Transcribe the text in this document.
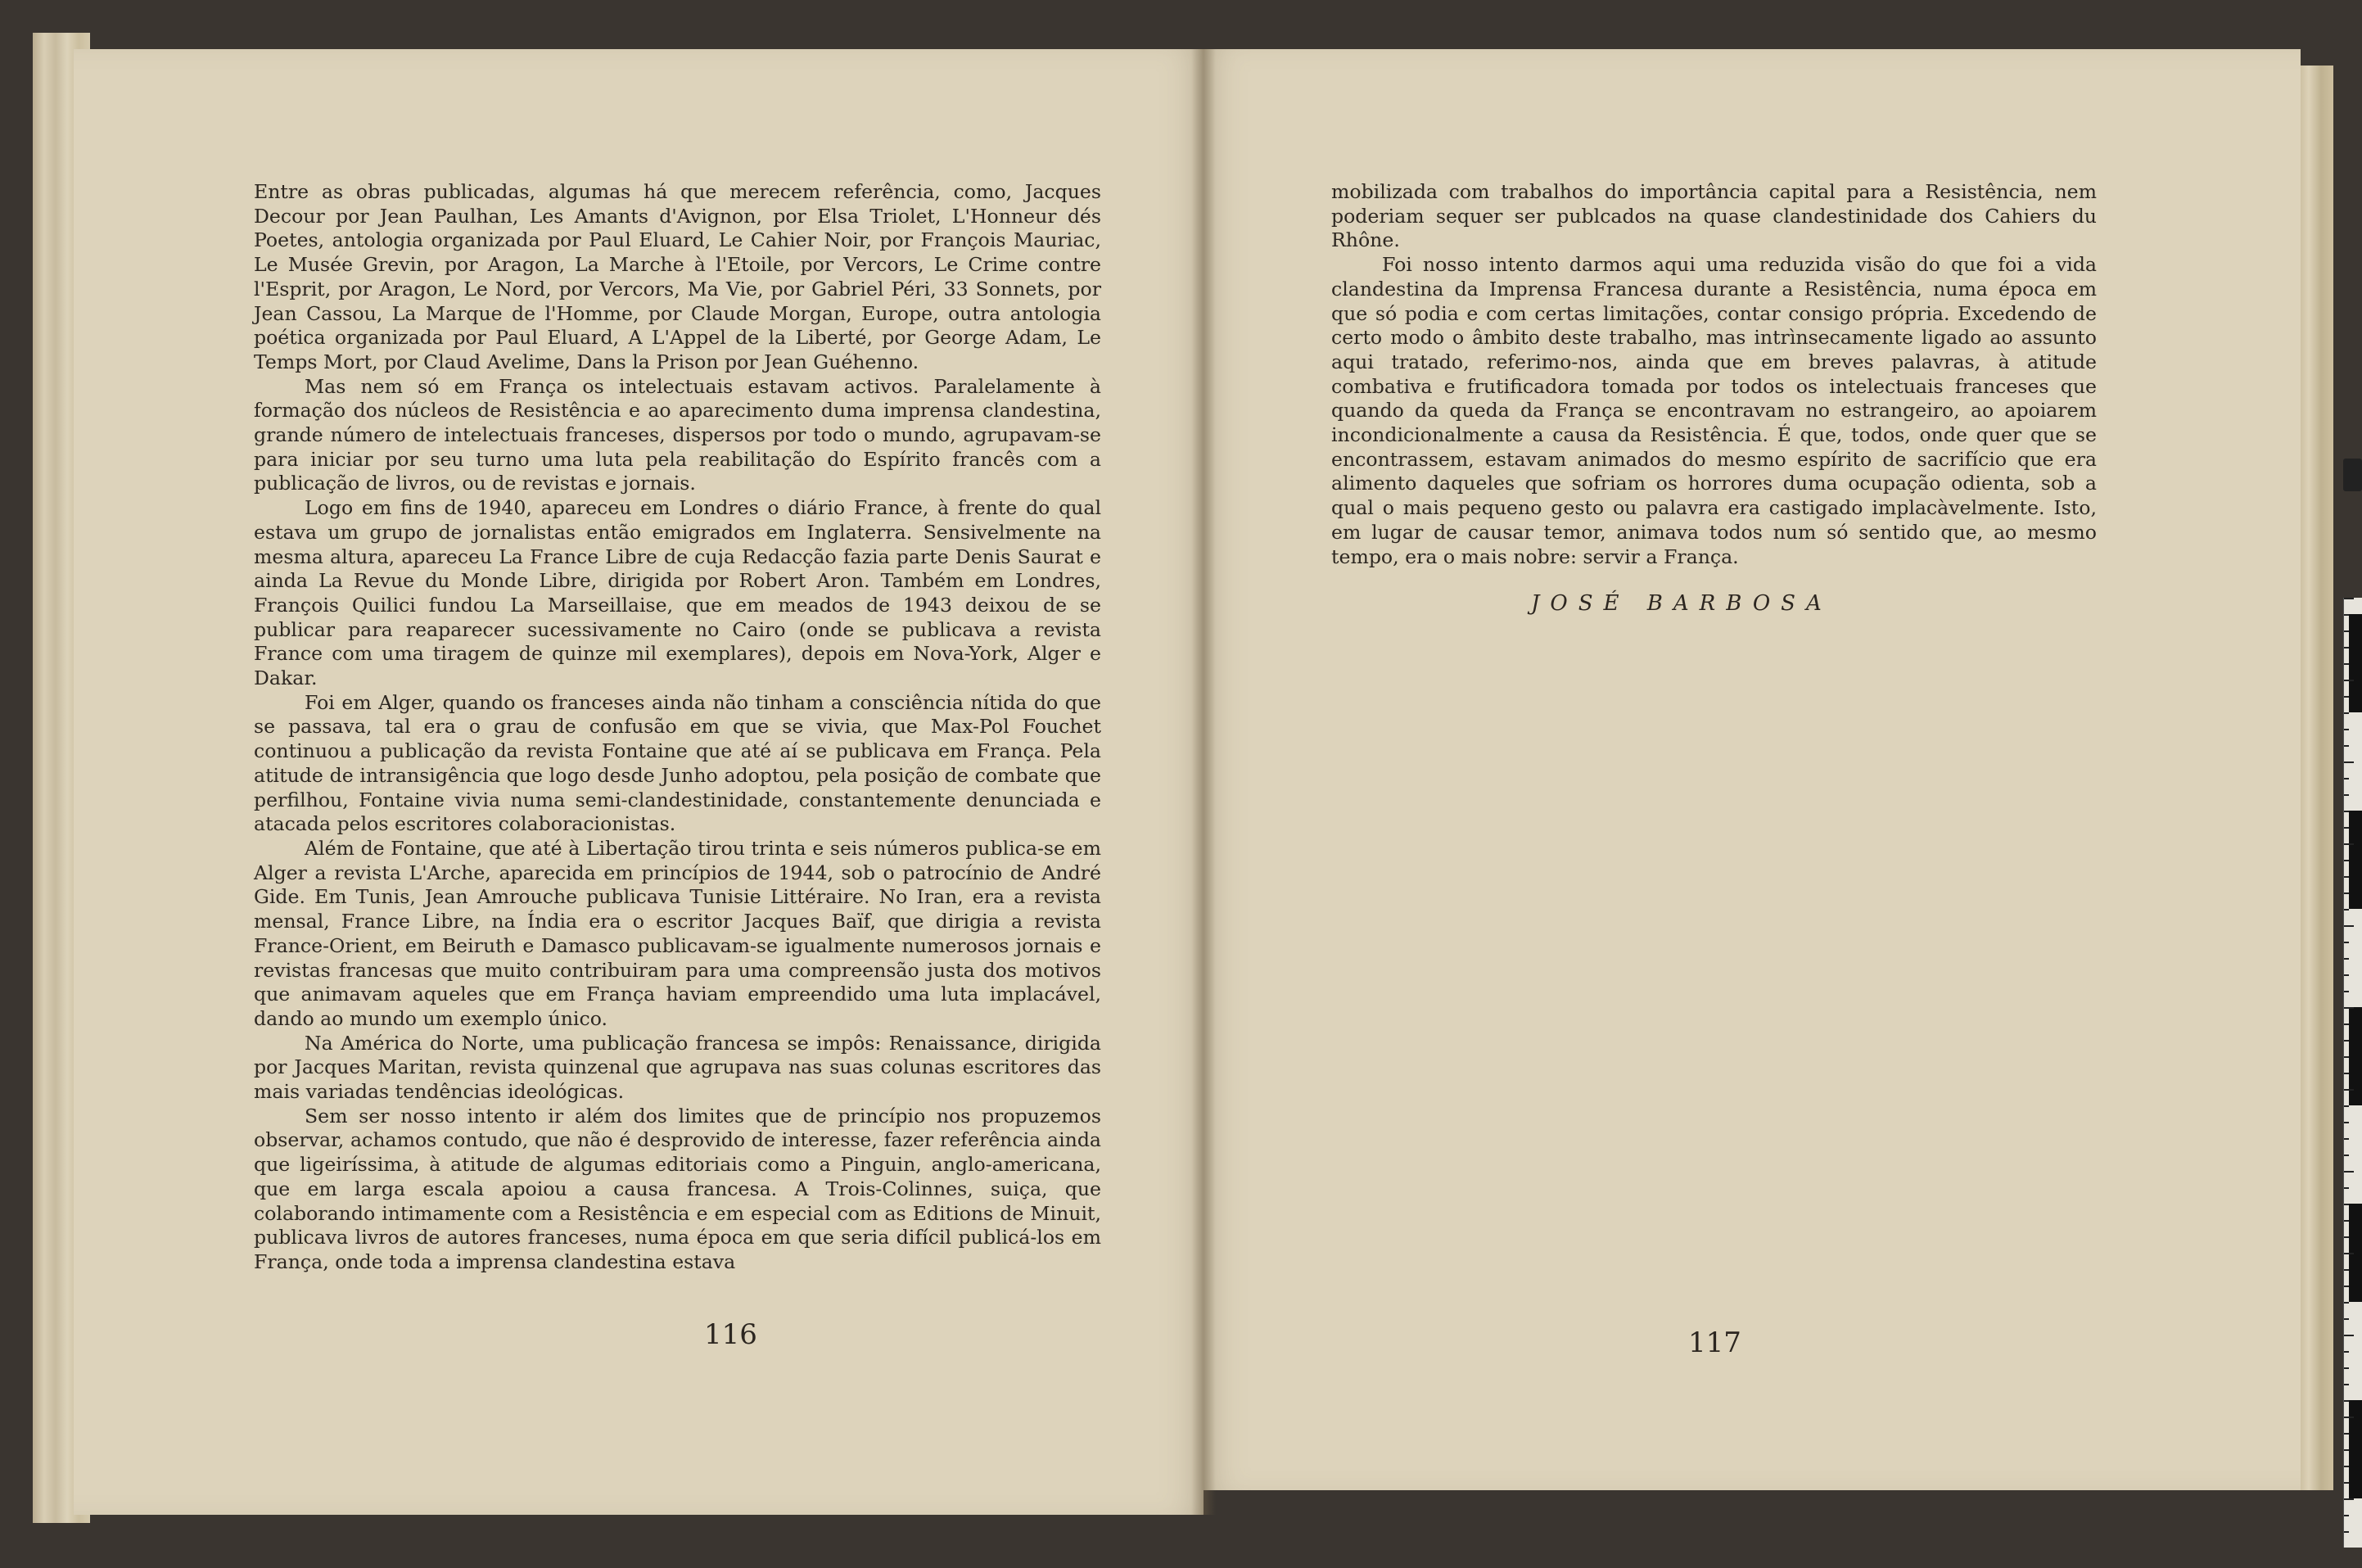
Entre as obras publicadas, algumas há que merecem referência, como, Jacques Decour por Jean Paulhan, Les Amants d'Avignon, por Elsa Triolet, L'Honneur dés Poetes, antologia organizada por Paul Eluard, Le Cahier Noir, por François Mauriac, Le Musée Grevin, por Aragon, La Marche à l'Etoile, por Vercors, Le Crime contre l'Esprit, por Aragon, Le Nord, por Vercors, Ma Vie, por Gabriel Péri, 33 Sonnets, por Jean Cassou, La Marque de l'Homme, por Claude Morgan, Europe, outra antologia poética organizada por Paul Eluard, A L'Appel de la Liberté, por George Adam, Le Temps Mort, por Claud Avelime, Dans la Prison por Jean Guéhenno.

Mas nem só em França os intelectuais estavam activos. Paralelamente à formação dos núcleos de Resistência e ao aparecimento duma imprensa clandestina, grande número de intelectuais franceses, dispersos por todo o mundo, agrupavam-se para iniciar por seu turno uma luta pela reabilitação do Espírito francês com a publicação de livros, ou de revistas e jornais.

Logo em fins de 1940, apareceu em Londres o diário France, à frente do qual estava um grupo de jornalistas então emigrados em Inglaterra. Sensivelmente na mesma altura, apareceu La France Libre de cuja Redacção fazia parte Denis Saurat e ainda La Revue du Monde Libre, dirigida por Robert Aron. Também em Londres, François Quilici fundou La Marseillaise, que em meados de 1943 deixou de se publicar para reaparecer sucessivamente no Cairo (onde se publicava a revista France com uma tiragem de quinze mil exemplares), depois em Nova-York, Alger e Dakar.

Foi em Alger, quando os franceses ainda não tinham a consciência nítida do que se passava, tal era o grau de confusão em que se vivia, que Max-Pol Fouchet continuou a publicação da revista Fontaine que até aí se publicava em França. Pela atitude de intransigência que logo desde Junho adoptou, pela posição de combate que perfilhou, Fontaine vivia numa semi-clandestinidade, constantemente denunciada e atacada pelos escritores colaboracionistas.

Além de Fontaine, que até à Libertação tirou trinta e seis números publica-se em Alger a revista L'Arche, aparecida em princípios de 1944, sob o patrocínio de André Gide. Em Tunis, Jean Amrouche publicava Tunisie Littéraire. No Iran, era a revista mensal, France Libre, na Índia era o escritor Jacques Baïf, que dirigia a revista France-Orient, em Beiruth e Damasco publicavam-se igualmente numerosos jornais e revistas francesas que muito contribuiram para uma compreensão justa dos motivos que animavam aqueles que em França haviam empreendido uma luta implacável, dando ao mundo um exemplo único.

Na América do Norte, uma publicação francesa se impôs: Renaissance, dirigida por Jacques Maritan, revista quinzenal que agrupava nas suas colunas escritores das mais variadas tendências ideológicas.

Sem ser nosso intento ir além dos limites que de princípio nos propuzemos observar, achamos contudo, que não é desprovido de interesse, fazer referência ainda que ligeiríssima, à atitude de algumas editoriais como a Pinguin, anglo-americana, que em larga escala apoiou a causa francesa. A Trois-Colinnes, suiça, que colaborando intimamente com a Resistência e em especial com as Editions de Minuit, publicava livros de autores franceses, numa época em que seria difícil publicá-los em França, onde toda a imprensa clandestina estava

116

mobilizada com trabalhos do importância capital para a Resistência, nem poderiam sequer ser publcados na quase clandestinidade dos Cahiers du Rhône.

Foi nosso intento darmos aqui uma reduzida visão do que foi a vida clandestina da Imprensa Francesa durante a Resistência, numa época em que só podia e com certas limitações, contar consigo própria. Excedendo de certo modo o âmbito deste trabalho, mas intrìnsecamente ligado ao assunto aqui tratado, referimo-nos, ainda que em breves palavras, à atitude combativa e frutificadora tomada por todos os intelectuais franceses que quando da queda da França se encontravam no estrangeiro, ao apoiarem incondicionalmente a causa da Resistência. É que, todos, onde quer que se encontrassem, estavam animados do mesmo espírito de sacrifício que era alimento daqueles que sofriam os horrores duma ocupação odienta, sob a qual o mais pequeno gesto ou palavra era castigado implacàvelmente. Isto, em lugar de causar temor, animava todos num só sentido que, ao mesmo tempo, era o mais nobre: servir a França.

JOSÉ BARBOSA
117
